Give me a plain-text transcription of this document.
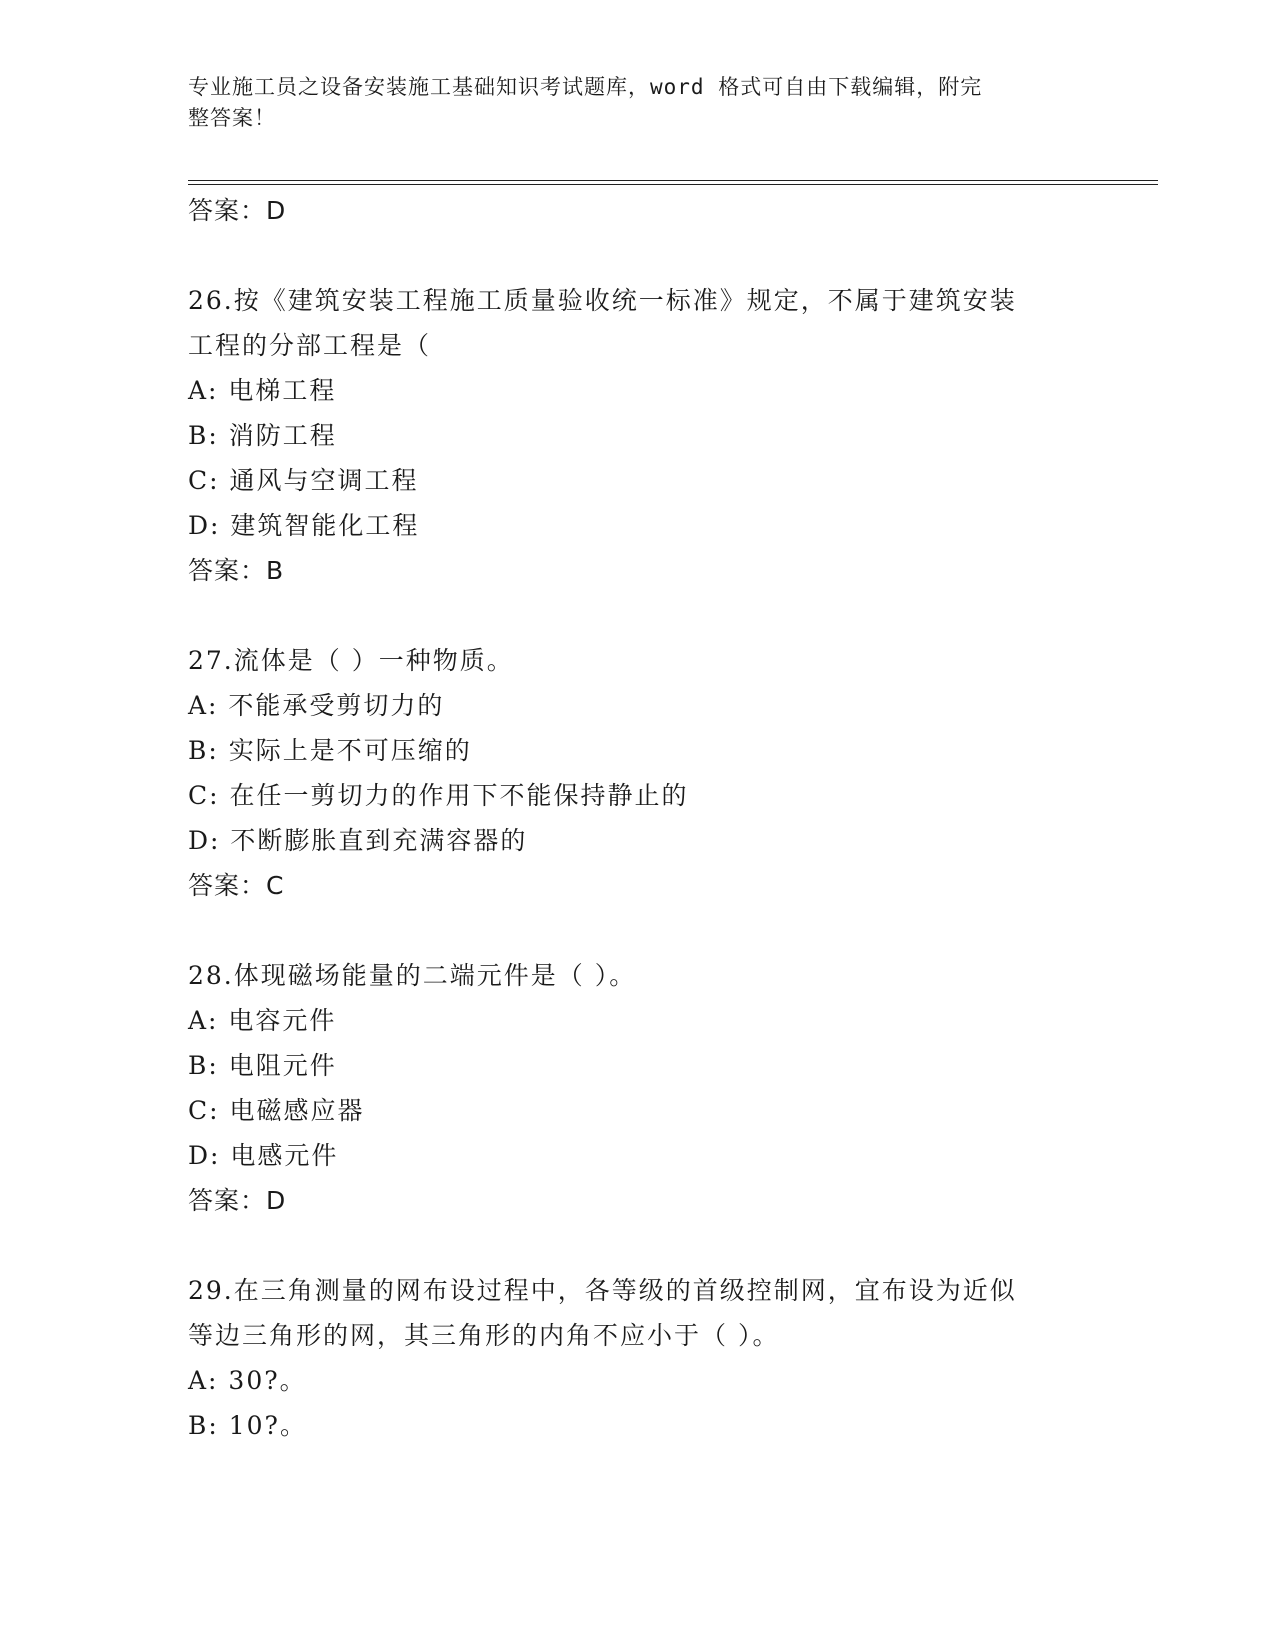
专业施工员之设备安装施工基础知识考试题库，word 格式可自由下载编辑，附完
整答案！

答案：D

26.按《建筑安装工程施工质量验收统一标准》规定，不属于建筑安装

工程的分部工程是（

A: 电梯工程

B: 消防工程

C: 通风与空调工程

D: 建筑智能化工程

答案：B

27.流体是（ ）一种物质。

A: 不能承受剪切力的

B: 实际上是不可压缩的

C: 在任一剪切力的作用下不能保持静止的

D: 不断膨胀直到充满容器的

答案：C

28.体现磁场能量的二端元件是（ ）。

A: 电容元件

B: 电阻元件

C: 电磁感应器

D: 电感元件

答案：D

29.在三角测量的网布设过程中，各等级的首级控制网，宜布设为近似

等边三角形的网，其三角形的内角不应小于（ ）。

A: 30?。

B: 10?。
